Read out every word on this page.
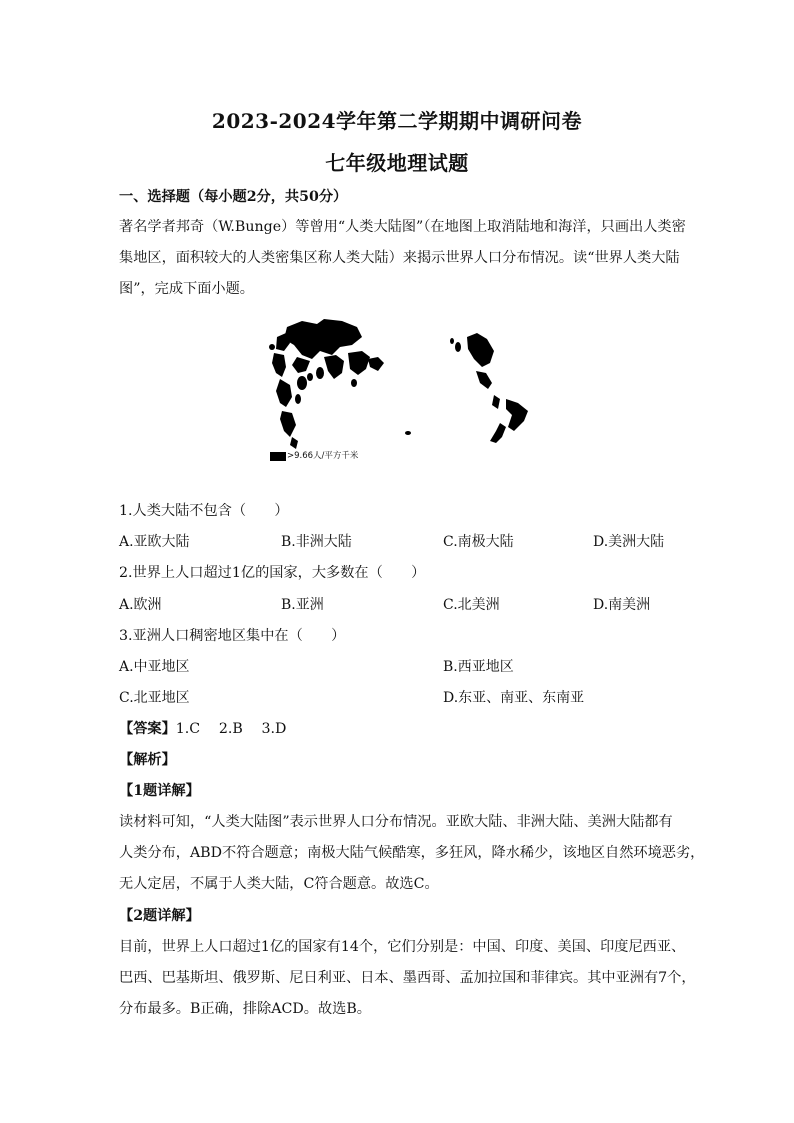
2023-2024学年第二学期期中调研问卷
七年级地理试题
一、选择题（每小题2分，共50分）
著名学者邦奇（W.Bunge）等曾用“人类大陆图”（在地图上取消陆地和海洋，只画出人类密
集地区，面积较大的人类密集区称人类大陆）来揭示世界人口分布情况。读“世界人类大陆
图”，完成下面小题。
>9.66人/平方千米
1.人类大陆不包含（　　）
A.亚欧大陆	B.非洲大陆	C.南极大陆	D.美洲大陆
2.世界上人口超过1亿的国家，大多数在（　　）
A.欧洲	B.亚洲	C.北美洲	D.南美洲
3.亚洲人口稠密地区集中在（　　）
A.中亚地区	B.西亚地区
C.北亚地区	D.东亚、南亚、东南亚
【答案】1.C　 2.B　 3.D
【解析】
【1题详解】
读材料可知，“人类大陆图”表示世界人口分布情况。亚欧大陆、非洲大陆、美洲大陆都有
人类分布，ABD不符合题意；南极大陆气候酷寒，多狂风，降水稀少，该地区自然环境恶劣，
无人定居，不属于人类大陆，C符合题意。故选C。
【2题详解】
目前，世界上人口超过1亿的国家有14个，它们分别是：中国、印度、美国、印度尼西亚、
巴西、巴基斯坦、俄罗斯、尼日利亚、日本、墨西哥、孟加拉国和菲律宾。其中亚洲有7个，
分布最多。B正确，排除ACD。故选B。
